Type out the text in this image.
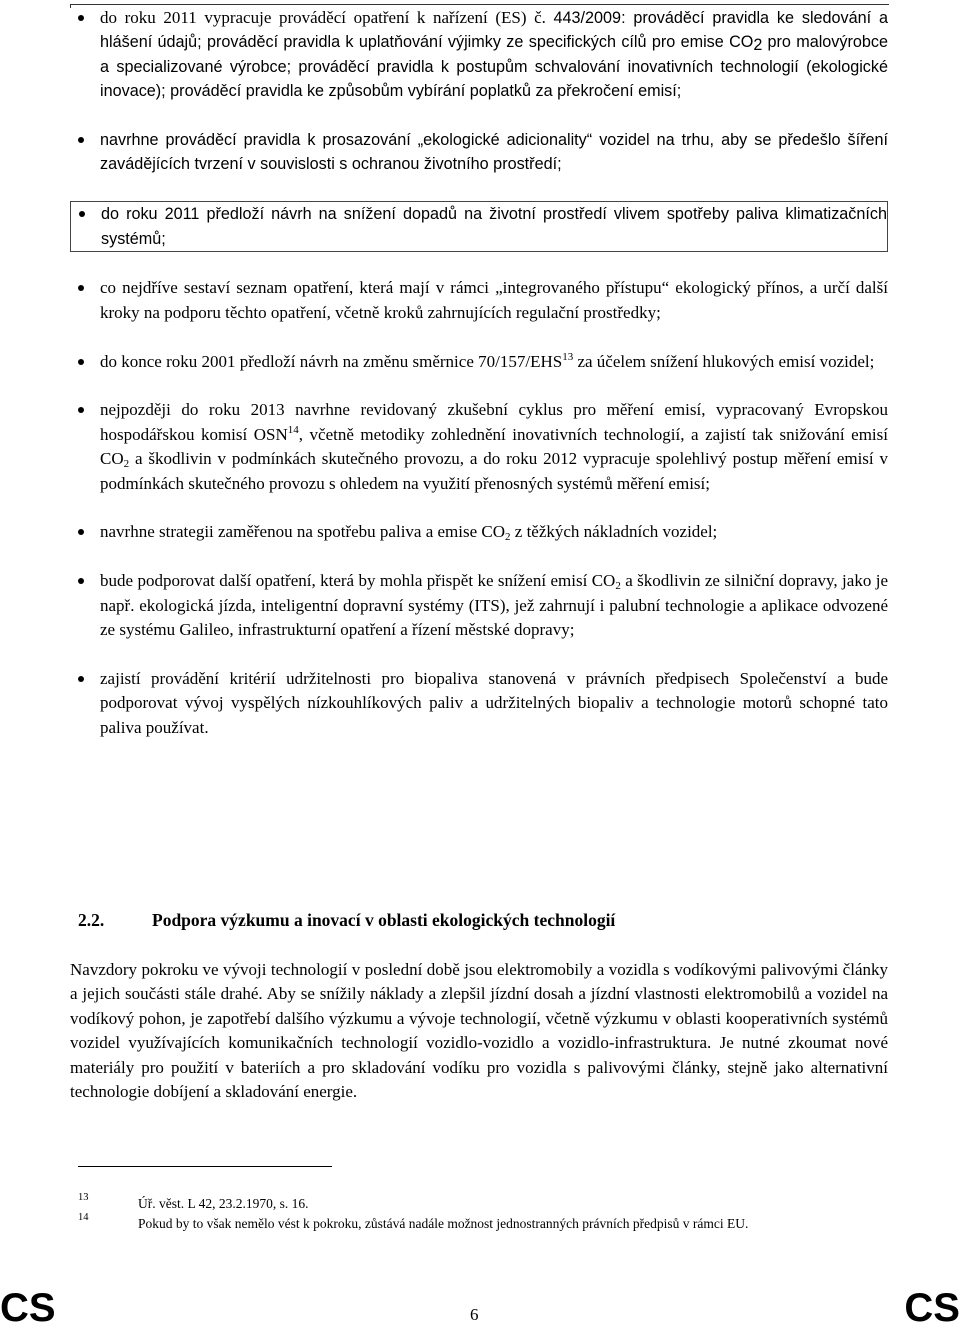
do roku 2011 vypracuje prováděcí opatření k nařízení (ES) č. 443/2009: prováděcí pravidla ke sledování a hlášení údajů; prováděcí pravidla k uplatňování výjimky ze specifických cílů pro emise $CO_2$ pro malovýrobce a specializované výrobce; prováděcí pravidla k postupům schvalování inovativních technologií (ekologické inovace); prováděcí pravidla ke způsobům vybírání poplatků za překročení emisí;
navrhne prováděcí pravidla k prosazování „ekologické adicionality“ vozidel na trhu, aby se předešlo šíření zavádějících tvrzení v souvislosti s ochranou životního prostředí;
do roku 2011 předloží návrh na snížení dopadů na životní prostředí vlivem spotřeby paliva klimatizačních systémů;
co nejdříve sestaví seznam opatření, která mají v rámci „integrovaného přístupu“ ekologický přínos, a určí další kroky na podporu těchto opatření, včetně kroků zahrnujících regulační prostředky;
do konce roku 2001 předloží návrh na změnu směrnice 70/157/EHS$^{13}$ za účelem snížení hlukových emisí vozidel;
nejpozději do roku 2013 navrhne revidovaný zkušební cyklus pro měření emisí, vypracovaný Evropskou hospodářskou komisí OSN$^{14}$, včetně metodiky zohlednění inovativních technologií, a zajistí tak snižování emisí $CO_2$ a škodlivin v podmínkách skutečného provozu, a do roku 2012 vypracuje spolehlivý postup měření emisí v podmínkách skutečného provozu s ohledem na využití přenosných systémů měření emisí;
navrhne strategii zaměřenou na spotřebu paliva a emise $CO_2$ z těžkých nákladních vozidel;
bude podporovat další opatření, která by mohla přispět ke snížení emisí $CO_2$ a škodlivin ze silniční dopravy, jako je např. ekologická jízda, inteligentní dopravní systémy (ITS), jež zahrnují i palubní technologie a aplikace odvozené ze systému Galileo, infrastrukturní opatření a řízení městské dopravy;
zajistí provádění kritérií udržitelnosti pro biopaliva stanovená v právních předpisech Společenství a bude podporovat vývoj vyspělých nízkouhlíkových paliv a udržitelných biopaliv a technologie motorů schopné tato paliva používat.
2.2.	Podpora výzkumu a inovací v oblasti ekologických technologií
Navzdory pokroku ve vývoji technologií v poslední době jsou elektromobily a vozidla s vodíkovými palivovými články a jejich součásti stále drahé. Aby se snížily náklady a zlepšil jízdní dosah a jízdní vlastnosti elektromobilů a vozidel na vodíkový pohon, je zapotřebí dalšího výzkumu a vývoje technologií, včetně výzkumu v oblasti kooperativních systémů vozidel využívajících komunikačních technologií vozidlo-vozidlo a vozidlo-infrastruktura. Je nutné zkoumat nové materiály pro použití v bateriích a pro skladování vodíku pro vozidla s palivovými články, stejně jako alternativní technologie dobíjení a skladování energie.
13	Úř. věst. L 42, 23.2.1970, s. 16.
14	Pokud by to však nemělo vést k pokroku, zůstává nadále možnost jednostranných právních předpisů v rámci EU.
CS	6	CS
